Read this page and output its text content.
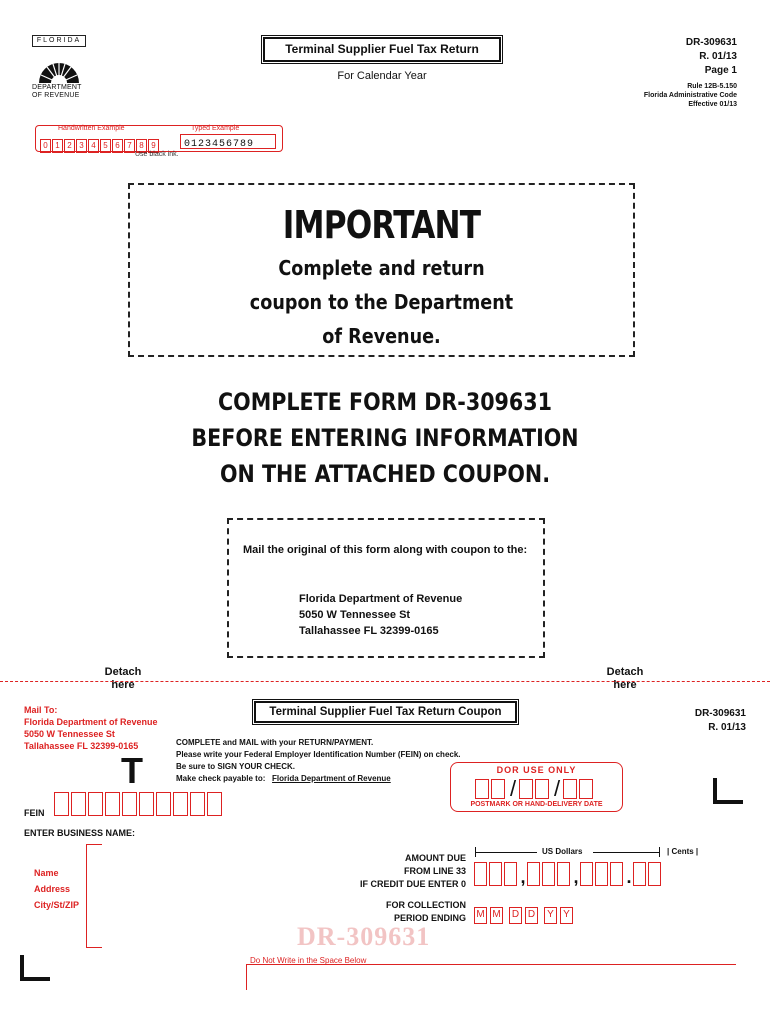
FLORIDA
DEPARTMENT
OF REVENUE
Terminal Supplier Fuel Tax Return
For Calendar Year
DR-309631
R. 01/13
Page 1
Rule 12B-5.150
Florida Administrative Code
Effective 01/13
Handwritten Example	Typed Example
0 1 2 3 4 5 6 7 8 9	0123456789
Use black ink.
IMPORTANT
Complete and return
coupon to the Department
of Revenue.
COMPLETE FORM DR-309631
BEFORE ENTERING INFORMATION
ON THE ATTACHED COUPON.
Mail the original of this form along with coupon to the:
Florida Department of Revenue
5050 W Tennessee St
Tallahassee FL 32399-0165
Detach
here
Detach
here
Mail To:
Florida Department of Revenue
5050 W Tennessee St
Tallahassee FL 32399-0165
Terminal Supplier Fuel Tax Return Coupon	DR-309631
R. 01/13
COMPLETE and MAIL with your RETURN/PAYMENT.
Please write your Federal Employer Identification Number (FEIN) on check.
Be sure to SIGN YOUR CHECK.
Make check payable to: Florida Department of Revenue
T	DOR USE ONLY
/ /
POSTMARK OR HAND-DELIVERY DATE
FEIN
ENTER BUSINESS NAME:
Name
Address
City/St/ZIP
AMOUNT DUE
FROM LINE 33
IF CREDIT DUE ENTER 0
US Dollars	| Cents |
,	,	.
FOR COLLECTION
PERIOD ENDING M M D D Y Y
DR-309631
Do Not Write in the Space Below
